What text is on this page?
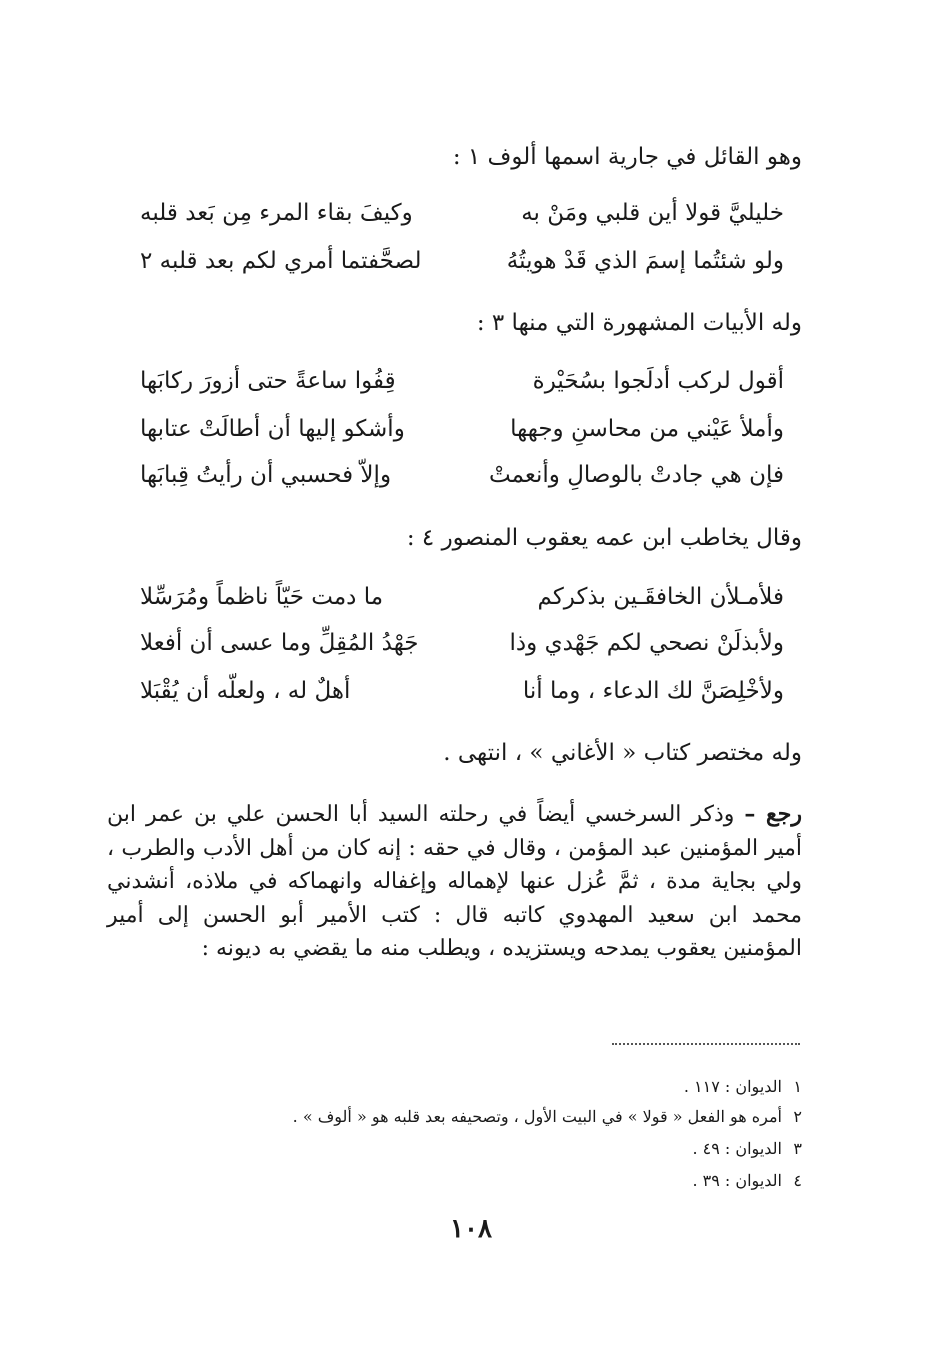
وهو القائل في جارية اسمها ألوف ١ :
خليليَّ قولا أين قلبي ومَنْ به
وكيفَ بقاء المرء مِن بَعد قلبه
ولو شئتُما إسمَ الذي قَدْ هويتُهُ
لصحَّفتما أمري لكم بعد قلبه ٢
وله الأبيات المشهورة التي منها ٣ :
أقول لركب أدلَجوا بسُحَيْرة
قِفُوا ساعةً حتى أزورَ ركابَها
وأملأ عَيْني من محاسنِ وجهها
وأشكو إليها أن أطالَتْ عتابها
فإن هي جادتْ بالوصالِ وأنعمتْ
وإلاّ فحسبي أن رأيتُ قِبابَها
وقال يخاطب ابن عمه يعقوب المنصور ٤ :
فلأمـلأن الخافقَـين بذكركم
ما دمت حَيّاً ناظماً ومُرَسِّلا
ولأبذلَنْ نصحي لكم جَهْدي وذا
جَهْدُ المُقِلِّ وما عسى أن أفعلا
ولأخْلِصَنَّ لك الدعاء ، وما أنا
أهلٌ له ، ولعلّه أن يُقْبَلا
وله مختصر كتاب « الأغاني » ، انتهى .

رجع – وذكر السرخسي أيضاً في رحلته السيد أبا الحسن علي بن عمر ابن أمير المؤمنين عبد المؤمن ، وقال في حقه : إنه كان من أهل الأدب والطرب ، ولي بجاية مدة ، ثمَّ عُزل عنها لإهماله وإغفاله وانهماكه في ملاذه، أنشدني محمد ابن سعيد المهدوي كاتبه قال : كتب الأمير أبو الحسن إلى أمير المؤمنين يعقوب يمدحه ويستزيده ، ويطلب منه ما يقضي به ديونه :

١الديوان : ١١٧ .
٢أمره هو الفعل « قولا » في البيت الأول ، وتصحيفه بعد قلبه هو « ألوف » .
٣الديوان : ٤٩ .
٤الديوان : ٣٩ .
١٠٨
